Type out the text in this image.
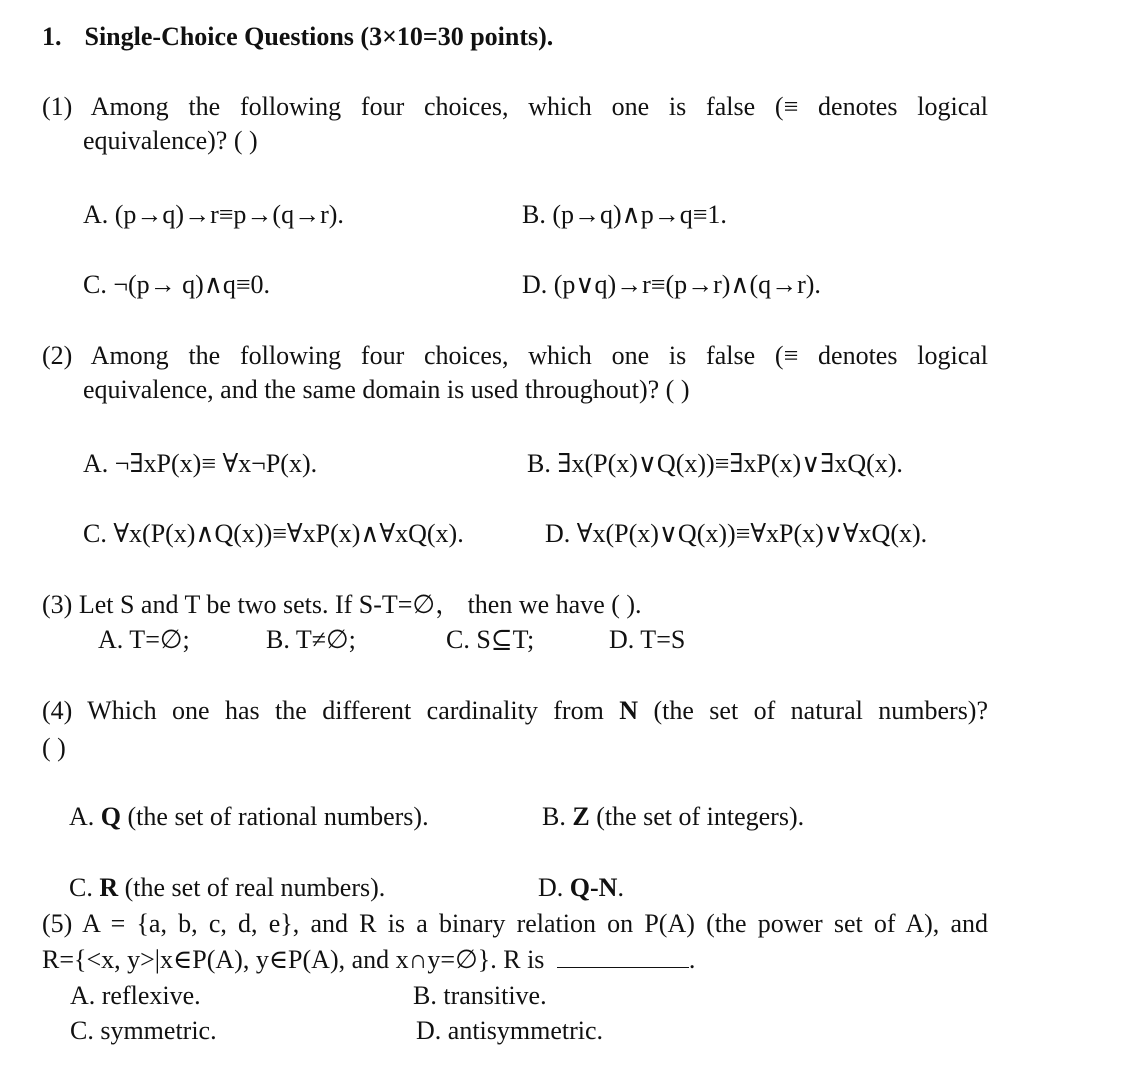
1. Single-Choice Questions (3×10=30 points).
(1) Among the following four choices, which one is false (≡ denotes logical
equivalence)? ( )
A. (p→q)→r≡p→(q→r).	B. (p→q)∧p→q≡1.
C. ¬(p→ q)∧q≡0.	D. (p∨q)→r≡(p→r)∧(q→r).
(2) Among the following four choices, which one is false (≡ denotes logical
equivalence, and the same domain is used throughout)? ( )
A. ¬∃xP(x)≡ ∀x¬P(x).	B. ∃x(P(x)∨Q(x))≡∃xP(x)∨∃xQ(x).
C. ∀x(P(x)∧Q(x))≡∀xP(x)∧∀xQ(x).	D. ∀x(P(x)∨Q(x))≡∀xP(x)∨∀xQ(x).
(3) Let S and T be two sets. If S-T=∅， then we have ( ).
A. T=∅;	B. T≠∅;	C. S⊆T;	D. T=S
(4) Which one has the different cardinality from N (the set of natural numbers)?
( )
A. Q (the set of rational numbers).	B. Z (the set of integers).
C. R (the set of real numbers).	D. Q-N.
(5) A = {a, b, c, d, e}, and R is a binary relation on P(A) (the power set of A), and
R={<x, y>|x∈P(A), y∈P(A), and x∩y=∅}. R is	.
A. reflexive.	B. transitive.
C. symmetric.	D. antisymmetric.
